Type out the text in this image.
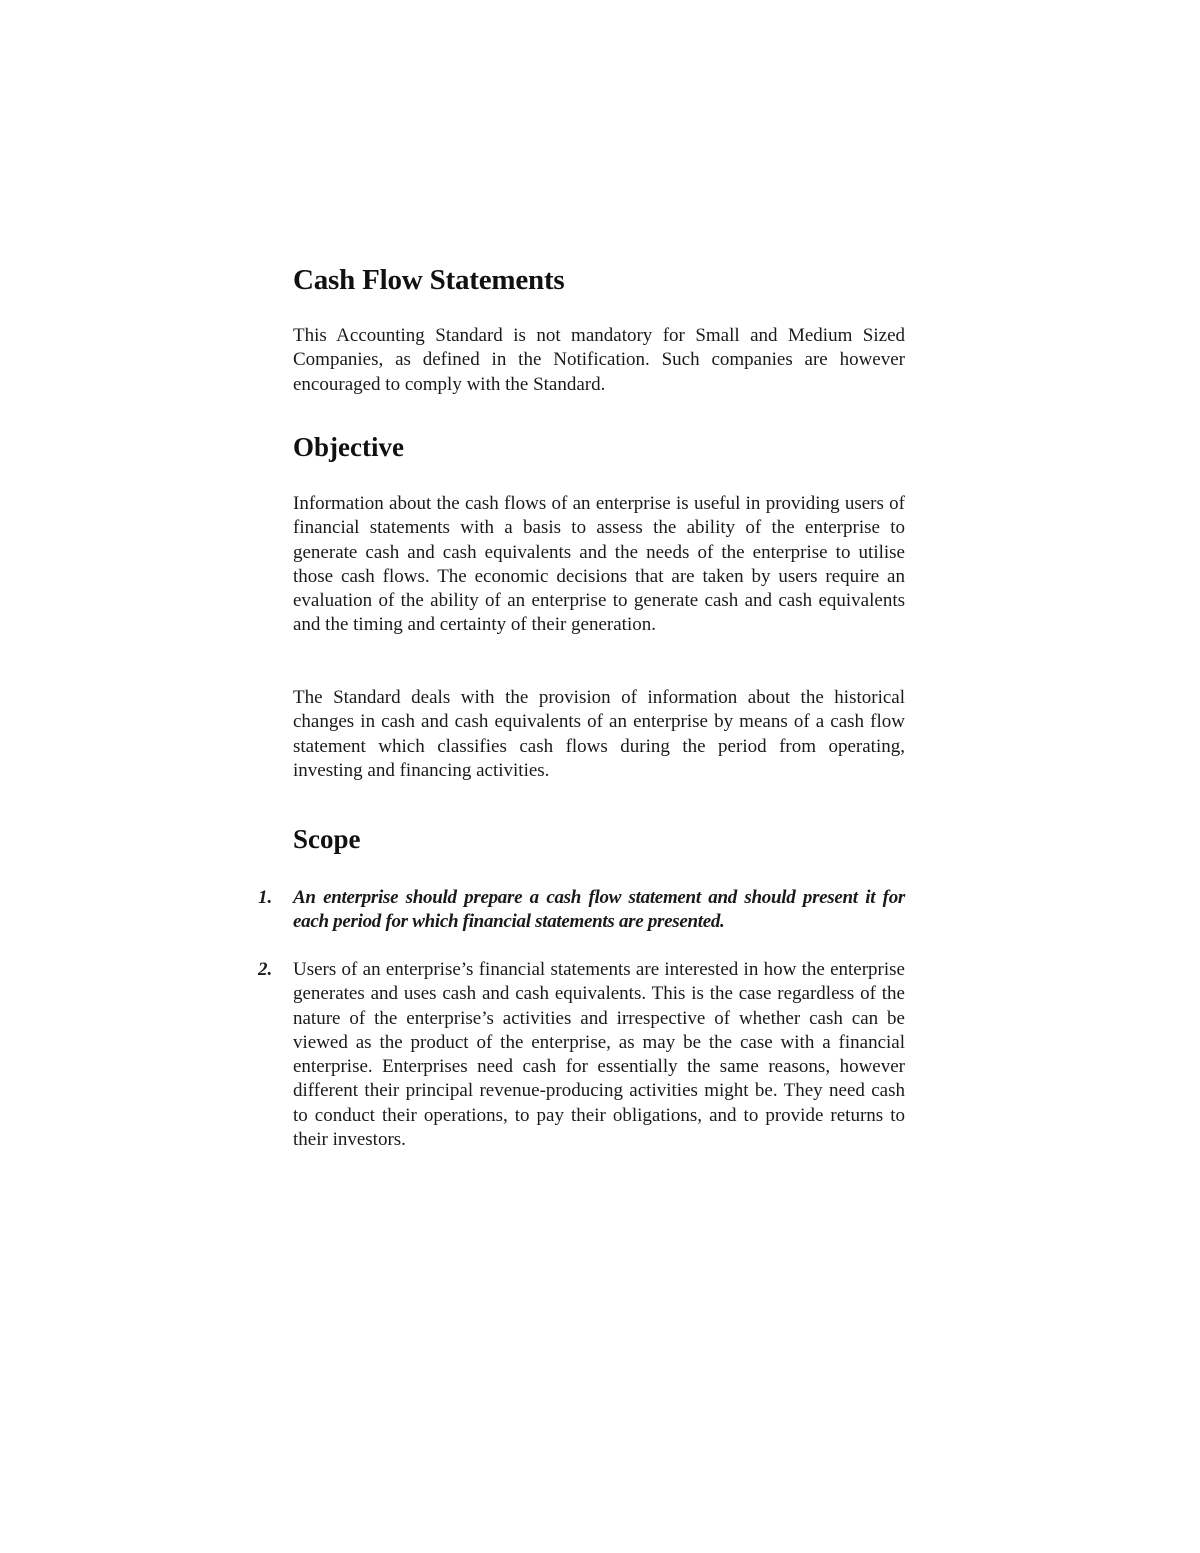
Cash Flow Statements

This Accounting Standard is not mandatory for Small and Medium Sized Companies, as defined in the Notification. Such companies are however encouraged to comply with the Standard.

Objective

Information about the cash flows of an enterprise is useful in providing users of financial statements with a basis to assess the ability of the enterprise to generate cash and cash equivalents and the needs of the enterprise to utilise those cash flows. The economic decisions that are taken by users require an evaluation of the ability of an enterprise to generate cash and cash equivalents and the timing and certainty of their generation.

The Standard deals with the provision of information about the historical changes in cash and cash equivalents of an enterprise by means of a cash flow statement which classifies cash flows during the period from operating, investing and financing activities.

Scope
1.	An enterprise should prepare a cash flow statement and should present it for each period for which financial statements are presented.

2.	Users of an enterprise’s financial statements are interested in how the enterprise generates and uses cash and cash equivalents. This is the case regardless of the nature of the enterprise’s activities and irrespective of whether cash can be viewed as the product of the enterprise, as may be the case with a financial enterprise. Enterprises need cash for essentially the same reasons, however different their principal revenue-producing activities might be. They need cash to conduct their operations, to pay their obligations, and to provide returns to their investors.
